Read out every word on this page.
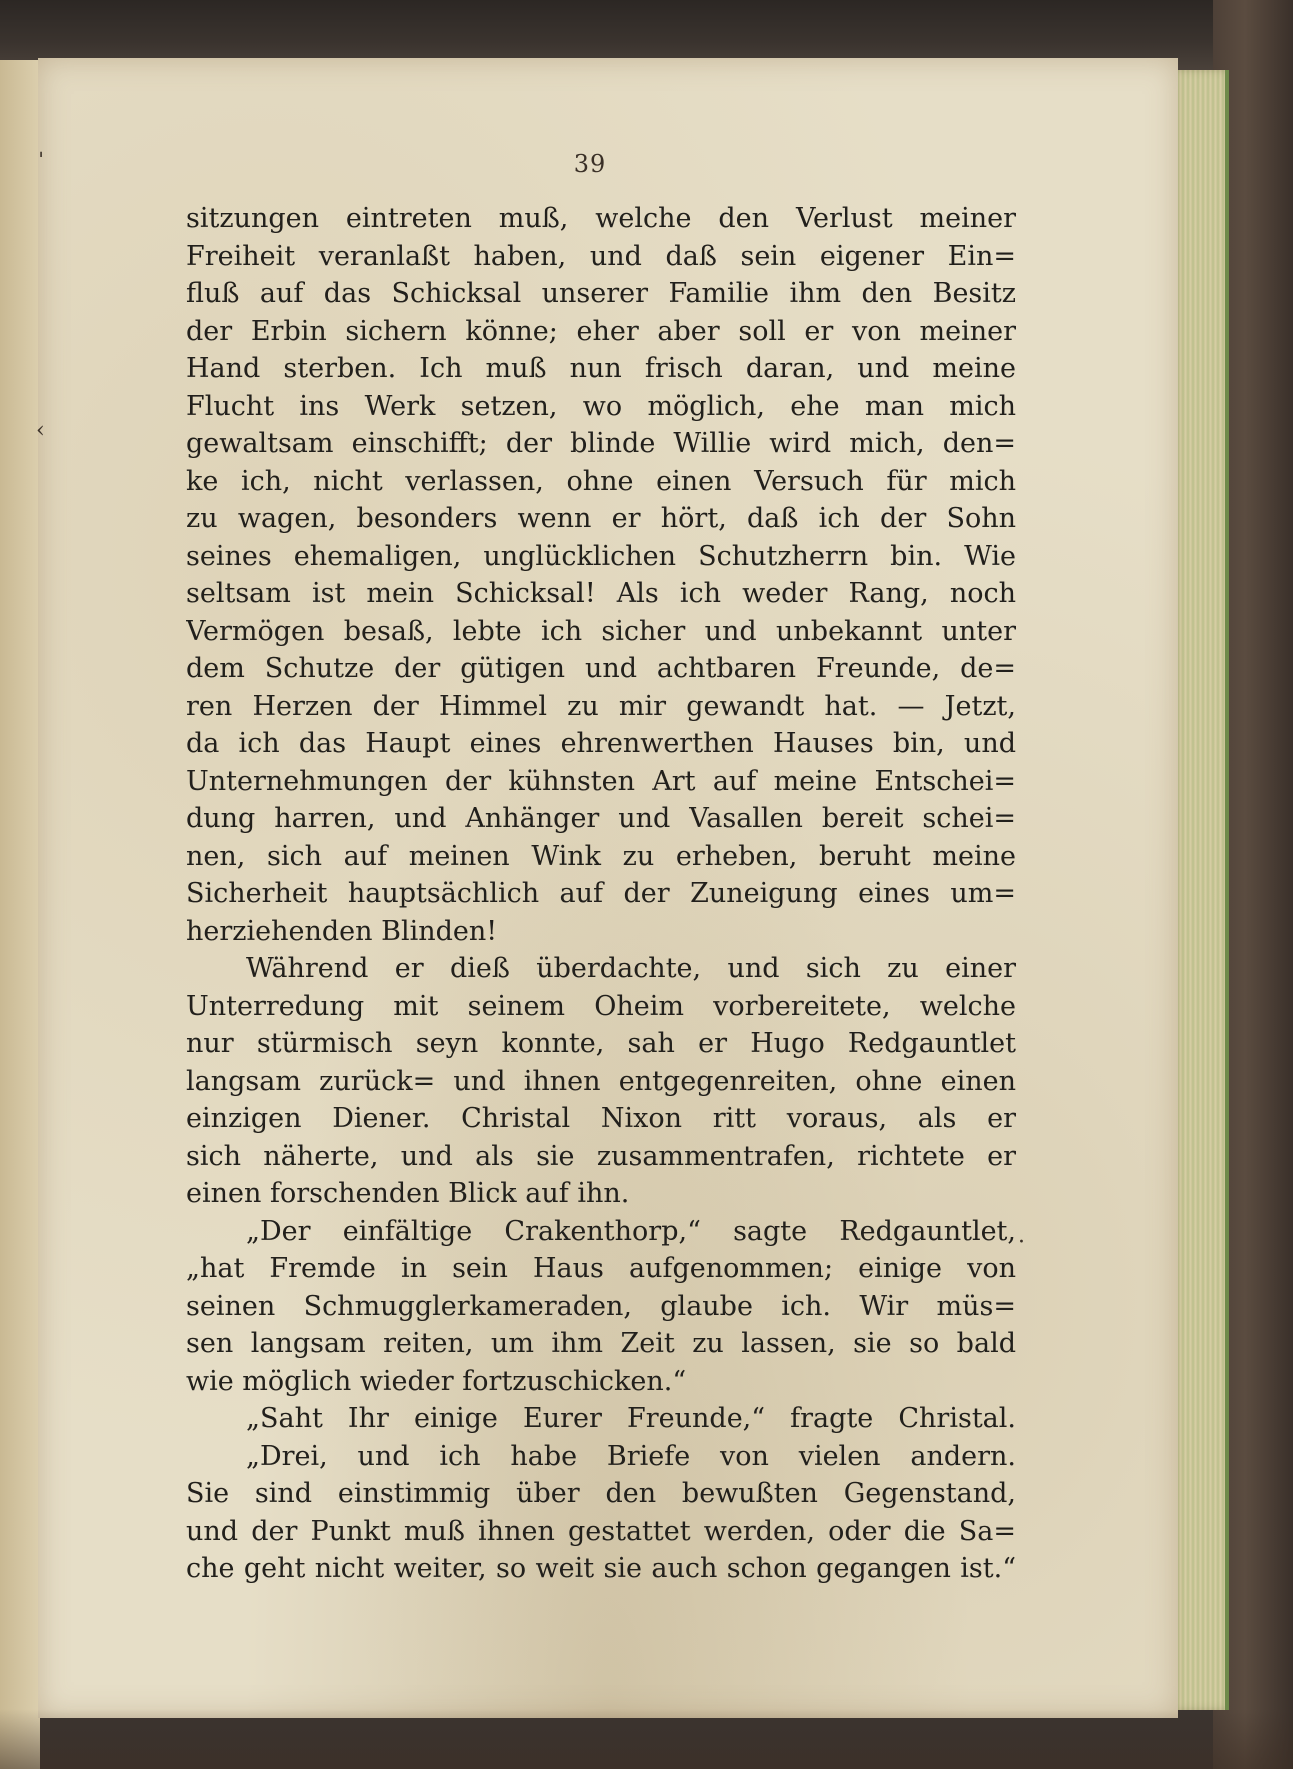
39
sitzungen eintreten muß, welche den Verlust meiner
Freiheit veranlaßt haben, und daß sein eigener Ein=
fluß auf das Schicksal unserer Familie ihm den Besitz
der Erbin sichern könne; eher aber soll er von meiner
Hand sterben. Ich muß nun frisch daran, und meine
Flucht ins Werk setzen, wo möglich, ehe man mich
gewaltsam einschifft; der blinde Willie wird mich, den=
ke ich, nicht verlassen, ohne einen Versuch für mich
zu wagen, besonders wenn er hört, daß ich der Sohn
seines ehemaligen, unglücklichen Schutzherrn bin. Wie
seltsam ist mein Schicksal! Als ich weder Rang, noch
Vermögen besaß, lebte ich sicher und unbekannt unter
dem Schutze der gütigen und achtbaren Freunde, de=
ren Herzen der Himmel zu mir gewandt hat. — Jetzt,
da ich das Haupt eines ehrenwerthen Hauses bin, und
Unternehmungen der kühnsten Art auf meine Entschei=
dung harren, und Anhänger und Vasallen bereit schei=
nen, sich auf meinen Wink zu erheben, beruht meine
Sicherheit hauptsächlich auf der Zuneigung eines um=
herziehenden Blinden!
Während er dieß überdachte, und sich zu einer
Unterredung mit seinem Oheim vorbereitete, welche
nur stürmisch seyn konnte, sah er Hugo Redgauntlet
langsam zurück= und ihnen entgegenreiten, ohne einen
einzigen Diener. Christal Nixon ritt voraus, als er
sich näherte, und als sie zusammentrafen, richtete er
einen forschenden Blick auf ihn.
„Der einfältige Crakenthorp,“ sagte Redgauntlet,
„hat Fremde in sein Haus aufgenommen; einige von
seinen Schmugglerkameraden, glaube ich. Wir müs=
sen langsam reiten, um ihm Zeit zu lassen, sie so bald
wie möglich wieder fortzuschicken.“
„Saht Ihr einige Eurer Freunde,“ fragte Christal.
„Drei, und ich habe Briefe von vielen andern.
Sie sind einstimmig über den bewußten Gegenstand,
und der Punkt muß ihnen gestattet werden, oder die Sa=
che geht nicht weiter, so weit sie auch schon gegangen ist.“
ˈ
‹
·
